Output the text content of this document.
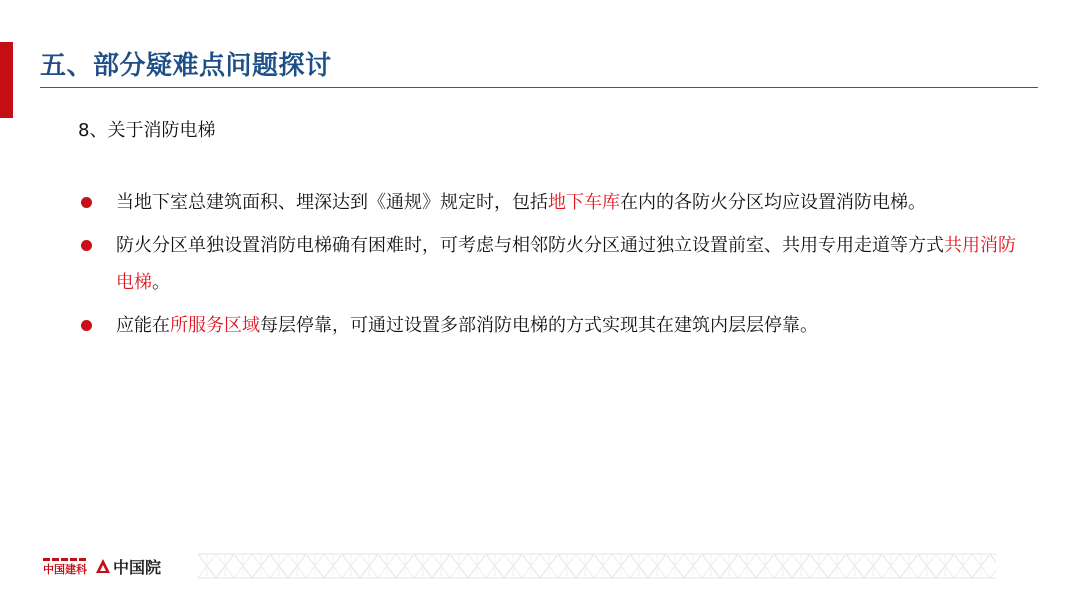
五、部分疑难点问题探讨
8、关于消防电梯
当地下室总建筑面积、埋深达到《通规》规定时，包括地下车库在内的各防火分区均应设置消防电梯。
防火分区单独设置消防电梯确有困难时，可考虑与相邻防火分区通过独立设置前室、共用专用走道等方式共用消防电梯。
应能在所服务区域每层停靠，可通过设置多部消防电梯的方式实现其在建筑内层层停靠。
中国建科 中国院
